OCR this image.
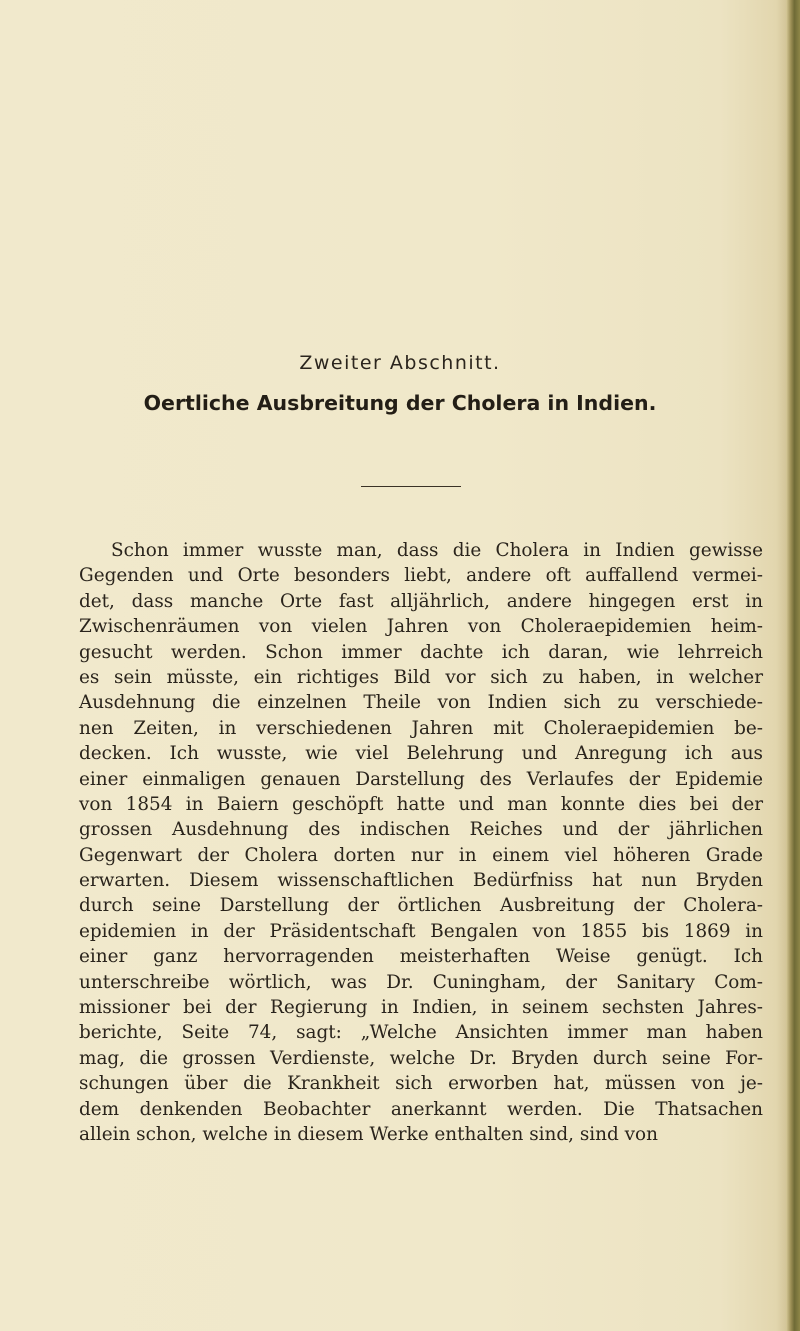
Zweiter Abschnitt.
Oertliche Ausbreitung der Cholera in Indien.
Schon immer wusste man, dass die Cholera in Indien gewisse
Gegenden und Orte besonders liebt, andere oft auffallend vermei-
det, dass manche Orte fast alljährlich, andere hingegen erst in
Zwischenräumen von vielen Jahren von Choleraepidemien heim-
gesucht werden. Schon immer dachte ich daran, wie lehrreich
es sein müsste, ein richtiges Bild vor sich zu haben, in welcher
Ausdehnung die einzelnen Theile von Indien sich zu verschiede-
nen Zeiten, in verschiedenen Jahren mit Choleraepidemien be-
decken. Ich wusste, wie viel Belehrung und Anregung ich aus
einer einmaligen genauen Darstellung des Verlaufes der Epidemie
von 1854 in Baiern geschöpft hatte und man konnte dies bei der
grossen Ausdehnung des indischen Reiches und der jährlichen
Gegenwart der Cholera dorten nur in einem viel höheren Grade
erwarten. Diesem wissenschaftlichen Bedürfniss hat nun Bryden
durch seine Darstellung der örtlichen Ausbreitung der Cholera-
epidemien in der Präsidentschaft Bengalen von 1855 bis 1869 in
einer ganz hervorragenden meisterhaften Weise genügt. Ich
unterschreibe wörtlich, was Dr. Cuningham, der Sanitary Com-
missioner bei der Regierung in Indien, in seinem sechsten Jahres-
berichte, Seite 74, sagt: „Welche Ansichten immer man haben
mag, die grossen Verdienste, welche Dr. Bryden durch seine For-
schungen über die Krankheit sich erworben hat, müssen von je-
dem denkenden Beobachter anerkannt werden. Die Thatsachen
allein schon, welche in diesem Werke enthalten sind, sind von
